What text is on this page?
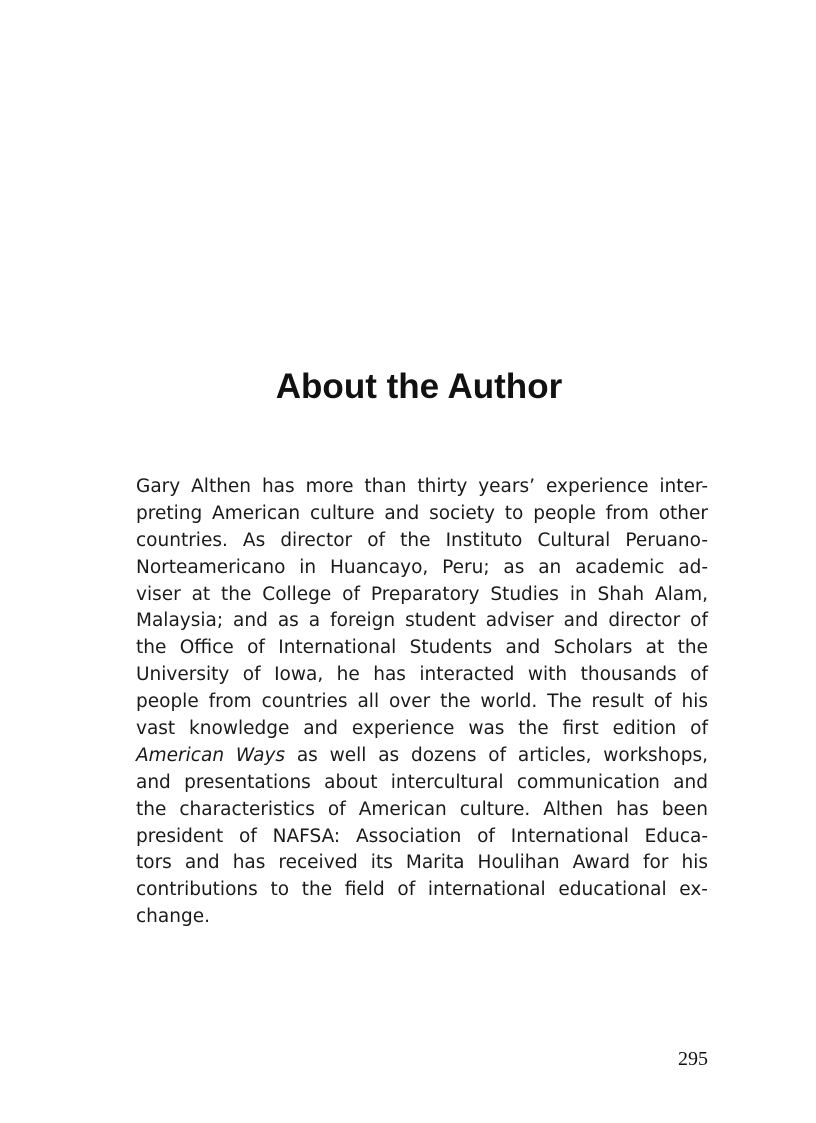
About the Author
Gary Althen has more than thirty years’ experience inter-
preting American culture and society to people from other
countries. As director of the Instituto Cultural Peruano-
Norteamericano in Huancayo, Peru; as an academic ad-
viser at the College of Preparatory Studies in Shah Alam,
Malaysia; and as a foreign student adviser and director of
the Office of International Students and Scholars at the
University of Iowa, he has interacted with thousands of
people from countries all over the world. The result of his
vast knowledge and experience was the first edition of
American Ways as well as dozens of articles, workshops,
and presentations about intercultural communication and
the characteristics of American culture. Althen has been
president of NAFSA: Association of International Educa-
tors and has received its Marita Houlihan Award for his
contributions to the field of international educational ex-
change.
295
